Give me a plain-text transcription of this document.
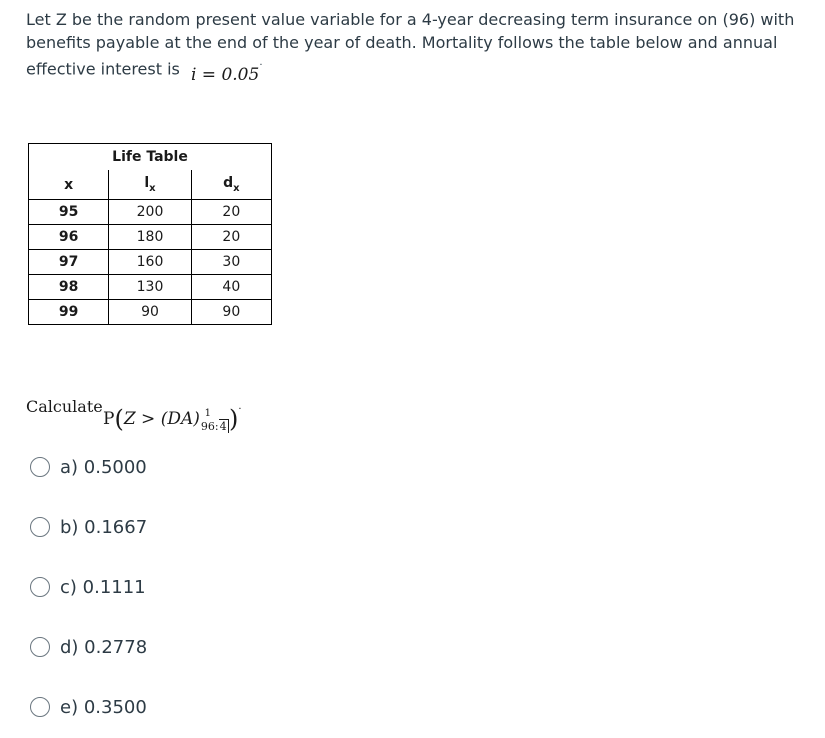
Let Z be the random present value variable for a 4-year decreasing term insurance on (96) with benefits payable at the end of the year of death. Mortality follows the table below and annual effective interest is i = 0.05·
Life Table		
x	$l_x$	$d_x$
95	200	20
96	180	20
97	160	30
98	130	40
99	90	90
Calculate
P(Z > (DA)96:41 )·
a) 0.5000
b) 0.1667
c) 0.1111
d) 0.2778
e) 0.3500
